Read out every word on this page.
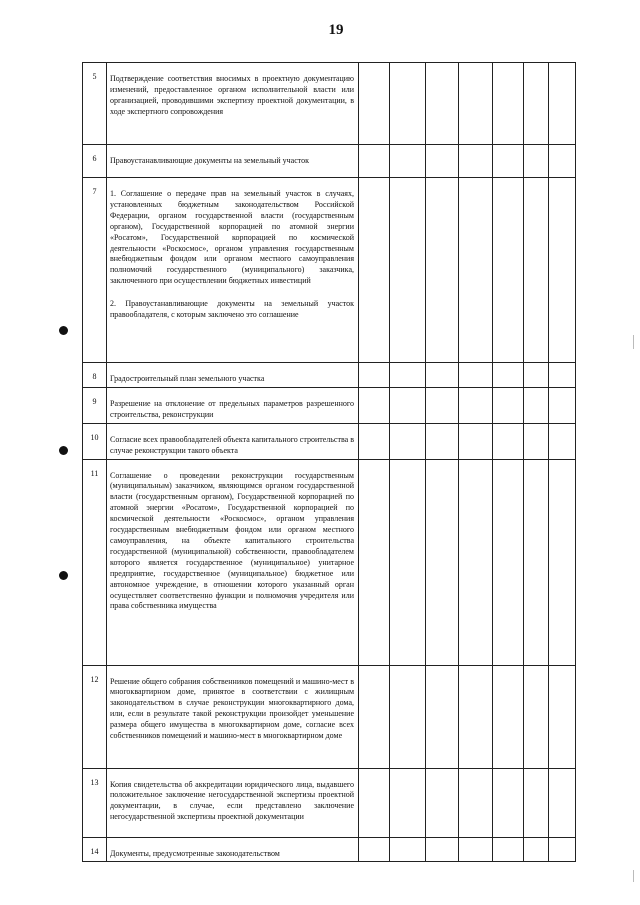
19
5	Подтверждение соответствия вносимых в проектную документацию изменений, предоставленное органом исполнительной власти или организацией, проводившими экспертизу проектной документации, в ходе экспертного сопровождения							

6	Правоустанавливающие документы на земельный участок							

7	1. Соглашение о передаче прав на земельный участок в случаях, установленных бюджетным законодательством Российской Федерации, органом государственной власти (государственным органом), Государственной корпорацией по атомной энергии «Росатом», Государственной корпорацией по космической деятельности «Роскосмос», органом управления государственным внебюджетным фондом или органом местного самоуправления полномочий государственного (муниципального) заказчика, заключенного при осуществлении бюджетных инвестиций
2. Правоустанавливающие документы на земельный участок правообладателя, с которым заключено это соглашение							

8	Градостроительный план земельного участка							

9	Разрешение на отклонение от предельных параметров разрешенного строительства, реконструкции							

10	Согласие всех правообладателей объекта капитального строительства в случае реконструкции такого объекта							

11	Соглашение о проведении реконструкции государственным (муниципальным) заказчиком, являющимся органом государственной власти (государственным органом), Государственной корпорацией по атомной энергии «Росатом», Государственной корпорацией по космической деятельности «Роскосмос», органом управления государственным внебюджетным фондом или органом местного самоуправления, на объекте капитального строительства государственной (муниципальной) собственности, правообладателем которого является государственное (муниципальное) унитарное предприятие, государственное (муниципальное) бюджетное или автономное учреждение, в отношении которого указанный орган осуществляет соответственно функции и полномочия учредителя или права собственника имущества							

12	Решение общего собрания собственников помещений и машино-мест в многоквартирном доме, принятое в соответствии с жилищным законодательством в случае реконструкции многоквартирного дома, или, если в результате такой реконструкции произойдет уменьшение размера общего имущества в многоквартирном доме, согласие всех собственников помещений и машино-мест в многоквартирном доме							

13	Копия свидетельства об аккредитации юридического лица, выдавшего положительное заключение негосударственной экспертизы проектной документации, в случае, если представлено заключение негосударственной экспертизы проектной документации							

14	Документы, предусмотренные законодательством							
